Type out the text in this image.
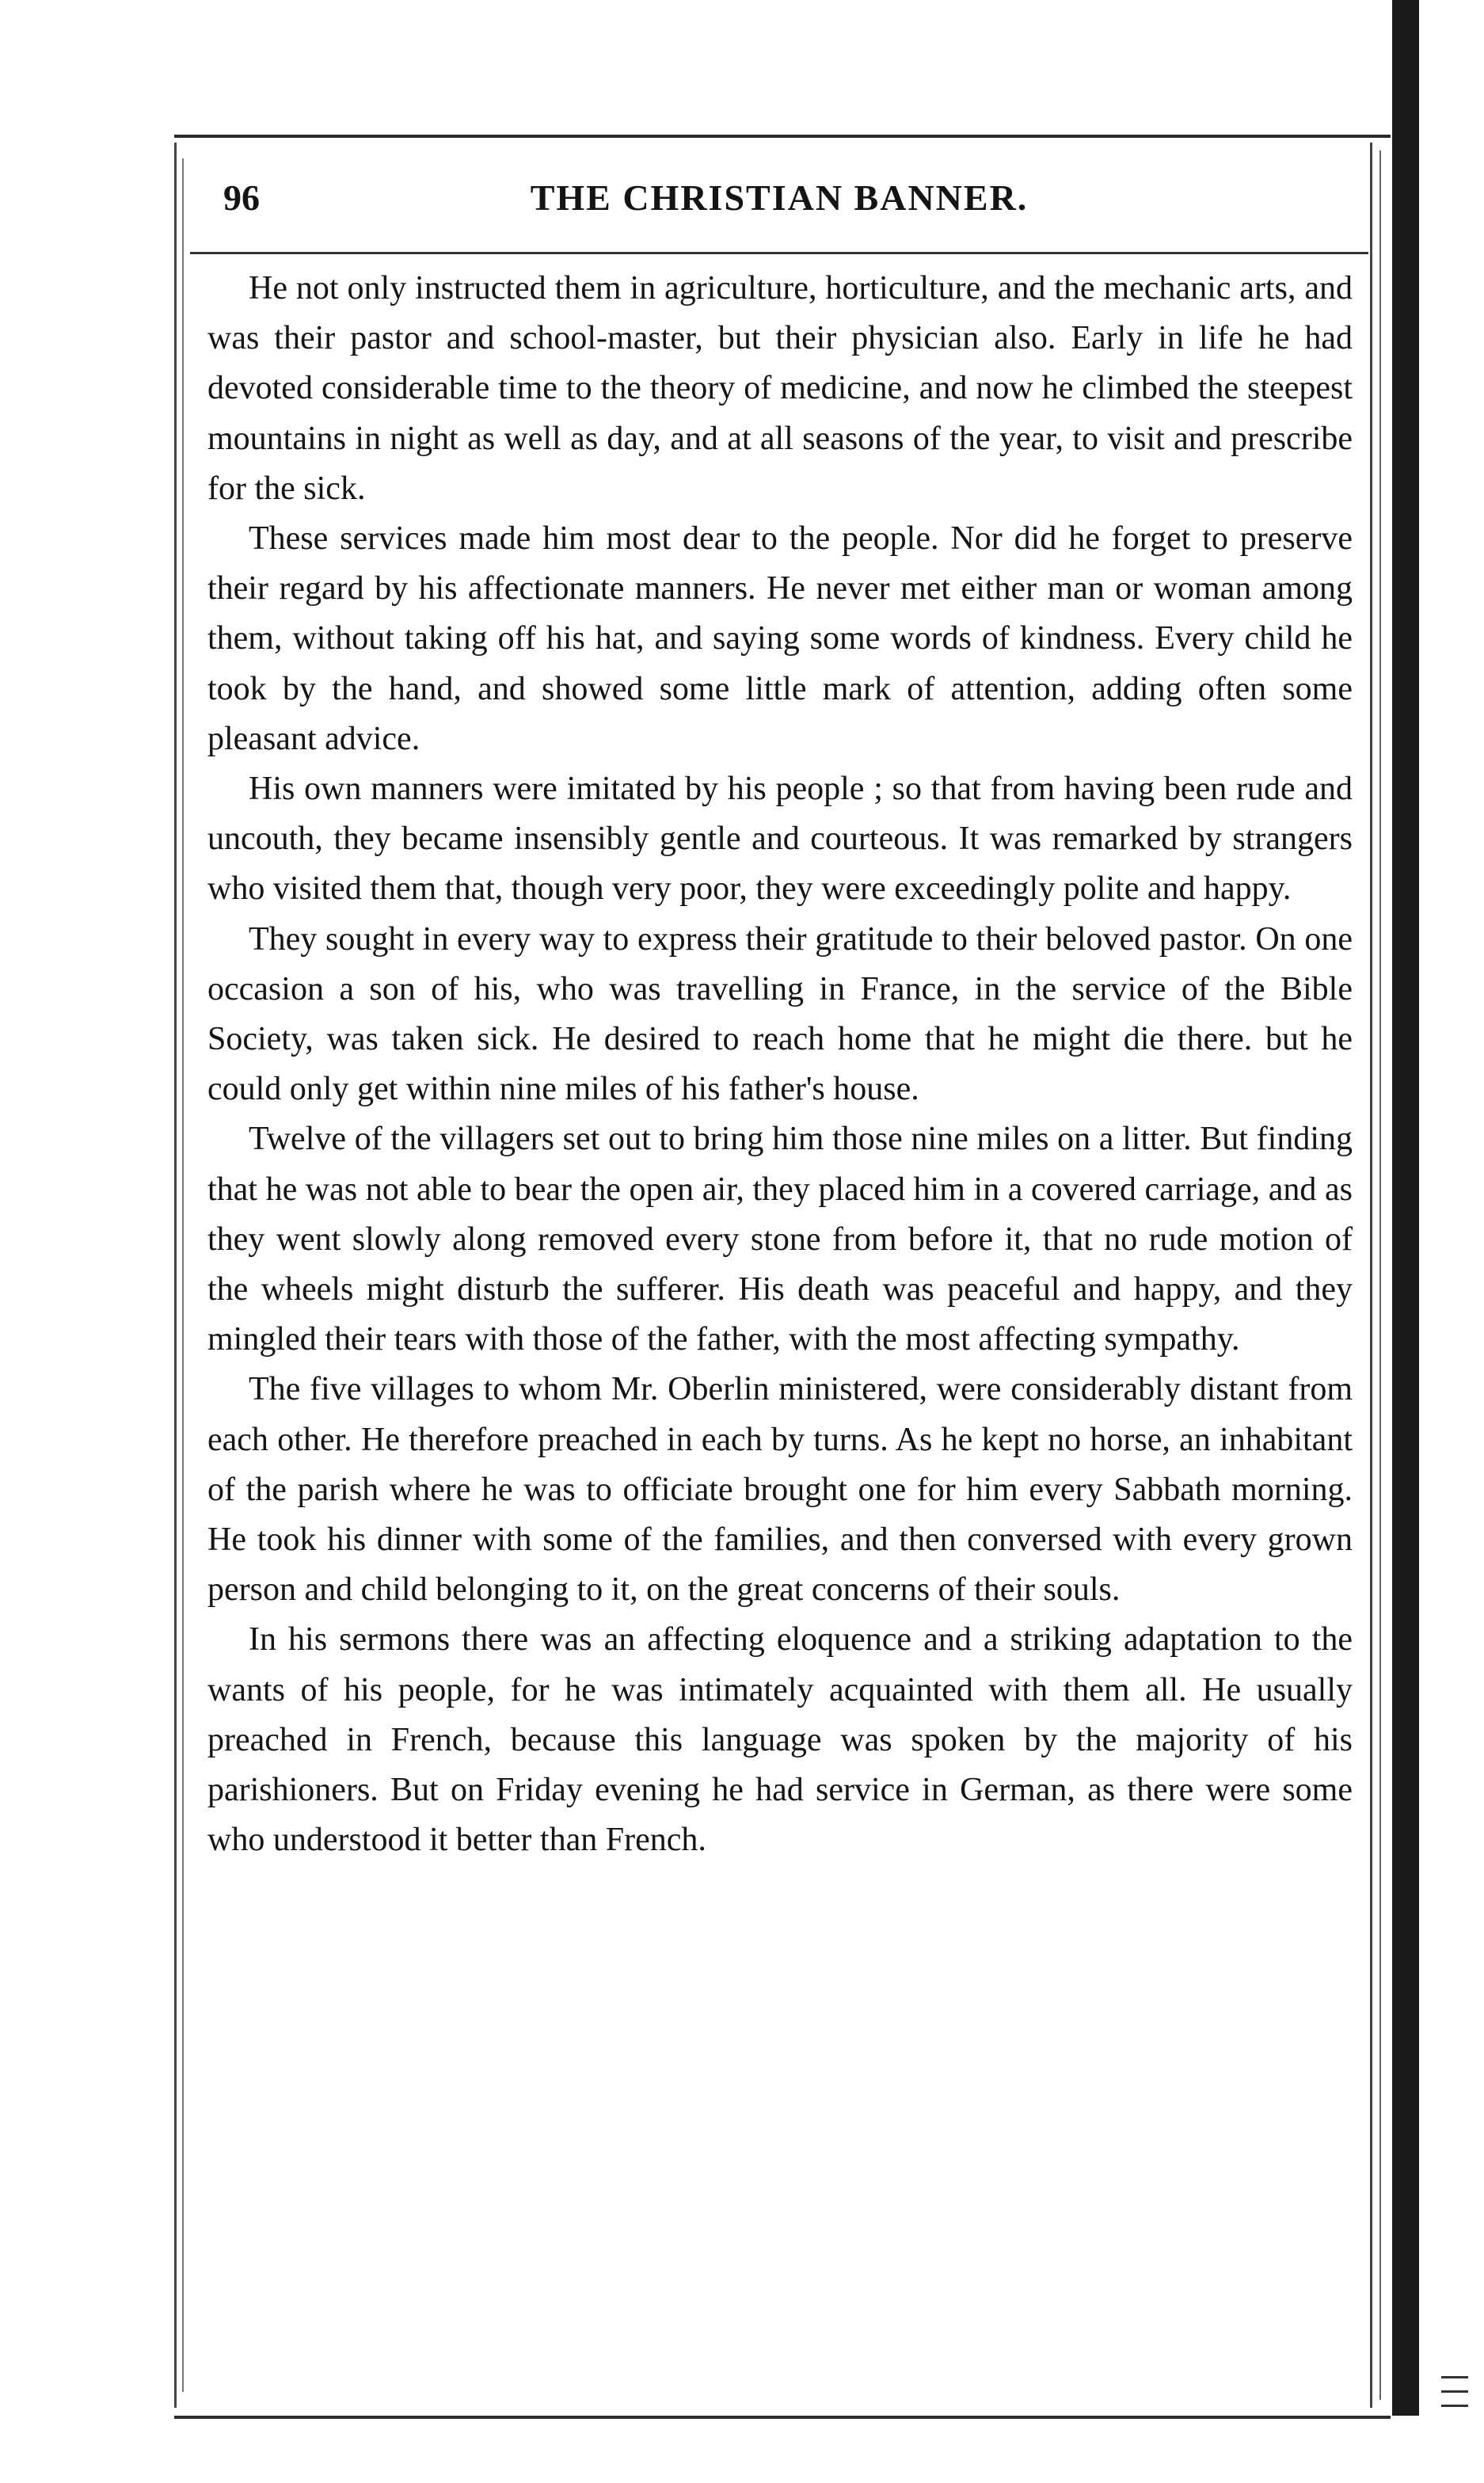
96	THE CHRISTIAN BANNER.

He not only instructed them in agriculture, horticulture, and the mechanic arts, and was their pastor and school-master, but their physician also. Early in life he had devoted considerable time to the theory of medicine, and now he climbed the steepest mountains in night as well as day, and at all seasons of the year, to visit and prescribe for the sick.

These services made him most dear to the people. Nor did he forget to preserve their regard by his affectionate manners. He never met either man or woman among them, without taking off his hat, and saying some words of kindness. Every child he took by the hand, and showed some little mark of attention, adding often some pleasant advice.

His own manners were imitated by his people ; so that from having been rude and uncouth, they became insensibly gentle and courteous. It was remarked by strangers who visited them that, though very poor, they were exceedingly polite and happy.

They sought in every way to express their gratitude to their beloved pastor. On one occasion a son of his, who was travelling in France, in the service of the Bible Society, was taken sick. He desired to reach home that he might die there. but he could only get within nine miles of his father's house.

Twelve of the villagers set out to bring him those nine miles on a litter. But finding that he was not able to bear the open air, they placed him in a covered carriage, and as they went slowly along removed every stone from before it, that no rude motion of the wheels might disturb the sufferer. His death was peaceful and happy, and they mingled their tears with those of the father, with the most affecting sympathy.

The five villages to whom Mr. Oberlin ministered, were considerably distant from each other. He therefore preached in each by turns. As he kept no horse, an inhabitant of the parish where he was to officiate brought one for him every Sabbath morning. He took his dinner with some of the families, and then conversed with every grown person and child belonging to it, on the great concerns of their souls.

In his sermons there was an affecting eloquence and a striking adaptation to the wants of his people, for he was intimately acquainted with them all. He usually preached in French, because this language was spoken by the majority of his parishioners. But on Friday evening he had service in German, as there were some who understood it better than French.
